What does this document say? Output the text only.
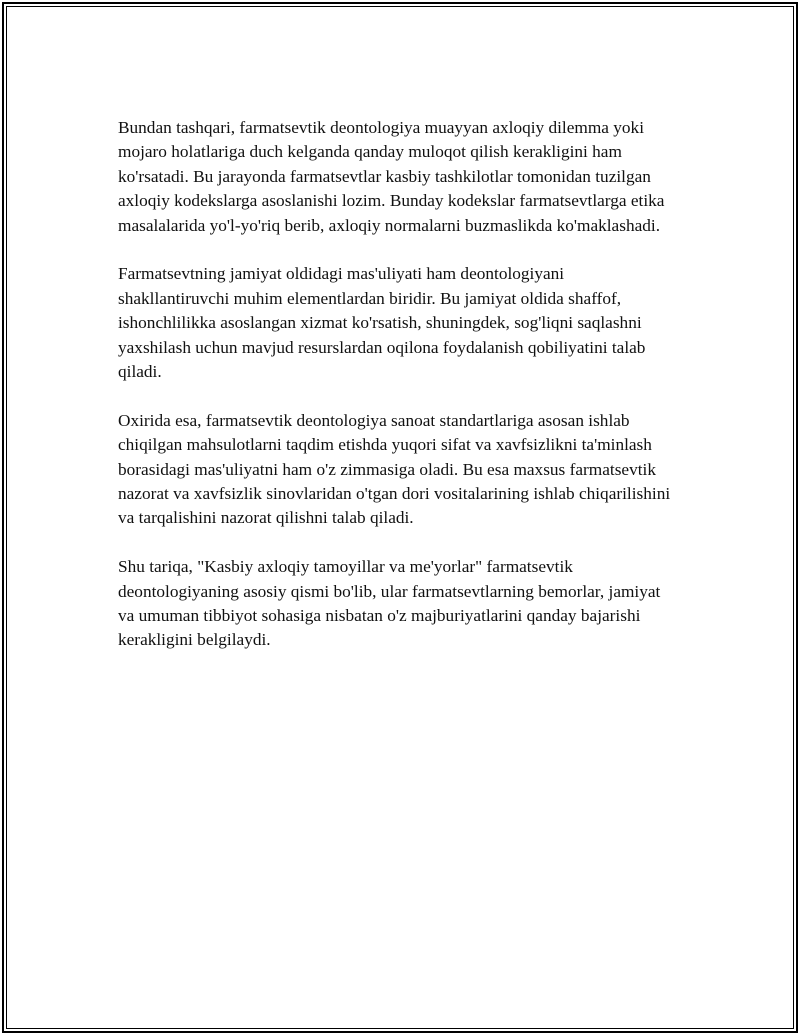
Bundan tashqari, farmatsevtik deontologiya muayyan axloqiy dilemma yoki mojaro holatlariga duch kelganda qanday muloqot qilish kerakligini ham ko'rsatadi. Bu jarayonda farmatsevtlar kasbiy tashkilotlar tomonidan tuzilgan axloqiy kodekslarga asoslanishi lozim. Bunday kodekslar farmatsevtlarga etika masalalarida yo'l-yo'riq berib, axloqiy normalarni buzmaslikda ko'maklashadi.

Farmatsevtning jamiyat oldidagi mas'uliyati ham deontologiyani shakllantiruvchi muhim elementlardan biridir. Bu jamiyat oldida shaffof, ishonchlilikka asoslangan xizmat ko'rsatish, shuningdek, sog'liqni saqlashni yaxshilash uchun mavjud resurslardan oqilona foydalanish qobiliyatini talab qiladi.

Oxirida esa, farmatsevtik deontologiya sanoat standartlariga asosan ishlab chiqilgan mahsulotlarni taqdim etishda yuqori sifat va xavfsizlikni ta'minlash borasidagi mas'uliyatni ham o'z zimmasiga oladi. Bu esa maxsus farmatsevtik nazorat va xavfsizlik sinovlaridan o'tgan dori vositalarining ishlab chiqarilishini va tarqalishini nazorat qilishni talab qiladi.

Shu tariqa, "Kasbiy axloqiy tamoyillar va me'yorlar" farmatsevtik deontologiyaning asosiy qismi bo'lib, ular farmatsevtlarning bemorlar, jamiyat va umuman tibbiyot sohasiga nisbatan o'z majburiyatlarini qanday bajarishi kerakligini belgilaydi.
